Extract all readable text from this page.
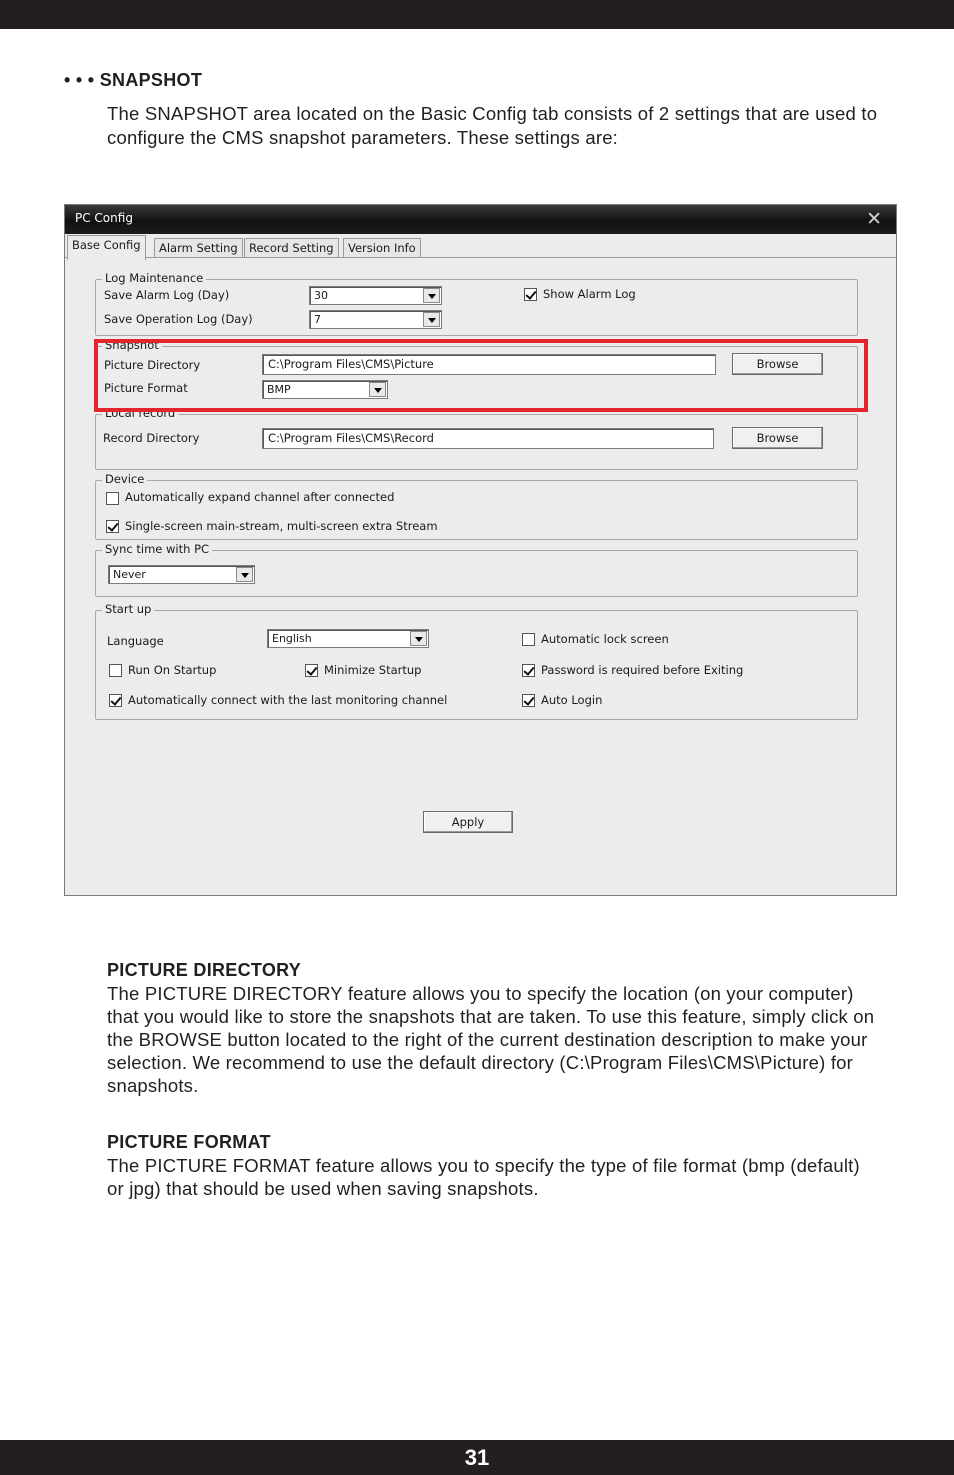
• • • SNAPSHOT
The SNAPSHOT area located on the Basic Config tab consists of 2 settings that are used to configure the CMS snapshot parameters. These settings are:
PC Config	✕
Base Config	Alarm Setting Record Setting	Version Info
Log Maintenance
Save Alarm Log (Day)	30	Show Alarm Log
Save Operation Log (Day)	7
Snapshot
Picture Directory	C:\Program Files\CMS\Picture	Browse
Picture Format	BMP
Local record
Record Directory	C:\Program Files\CMS\Record	Browse
Device
Automatically expand channel after connected
Single-screen main-stream, multi-screen extra Stream
Sync time with PC
Never
Start up
Language	English	Automatic lock screen
Run On Startup	Minimize Startup	Password is required before Exiting
Automatically connect with the last monitoring channel	Auto Login
Apply
PICTURE DIRECTORY
The PICTURE DIRECTORY feature allows you to specify the location (on your computer) that you would like to store the snapshots that are taken. To use this feature, simply click on the BROWSE button located to the right of the current destination description to make your selection. We recommend to use the default directory (C:\Program Files\CMS\Picture) for snapshots.
PICTURE FORMAT
The PICTURE FORMAT feature allows you to specify the type of file format (bmp (default) or jpg) that should be used when saving snapshots.
31
